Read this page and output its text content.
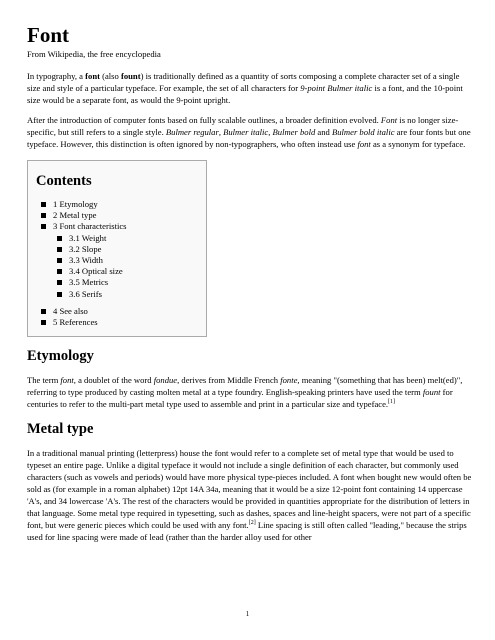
Font
From Wikipedia, the free encyclopedia

In typography, a font (also fount) is traditionally defined as a quantity of sorts composing a complete character set of a single size and style of a particular typeface. For example, the set of all characters for 9-point Bulmer italic is a font, and the 10-point size would be a separate font, as would the 9-point upright.

After the introduction of computer fonts based on fully scalable outlines, a broader definition evolved. Font is no longer size-specific, but still refers to a single style. Bulmer regular, Bulmer italic, Bulmer bold and Bulmer bold italic are four fonts but one typeface. However, this distinction is often ignored by non-typographers, who often instead use font as a synonym for typeface.

Contents
1 Etymology
2 Metal type
3 Font characteristics
3.1 Weight
3.2 Slope
3.3 Width
3.4 Optical size
3.5 Metrics
3.6 Serifs
4 See also
5 References
Etymology

The term font, a doublet of the word fondue, derives from Middle French fonte, meaning "(something that has been) melt(ed)", referring to type produced by casting molten metal at a type foundry. English-speaking printers have used the term fount for centuries to refer to the multi-part metal type used to assemble and print in a particular size and typeface.[1]

Metal type

In a traditional manual printing (letterpress) house the font would refer to a complete set of metal type that would be used to typeset an entire page. Unlike a digital typeface it would not include a single definition of each character, but commonly used characters (such as vowels and periods) would have more physical type-pieces included. A font when bought new would often be sold as (for example in a roman alphabet) 12pt 14A 34a, meaning that it would be a size 12-point font containing 14 uppercase 'A's, and 34 lowercase 'A's. The rest of the characters would be provided in quantities appropriate for the distribution of letters in that language. Some metal type required in typesetting, such as dashes, spaces and line-height spacers, were not part of a specific font, but were generic pieces which could be used with any font.[2] Line spacing is still often called "leading," because the strips used for line spacing were made of lead (rather than the harder alloy used for other

1
